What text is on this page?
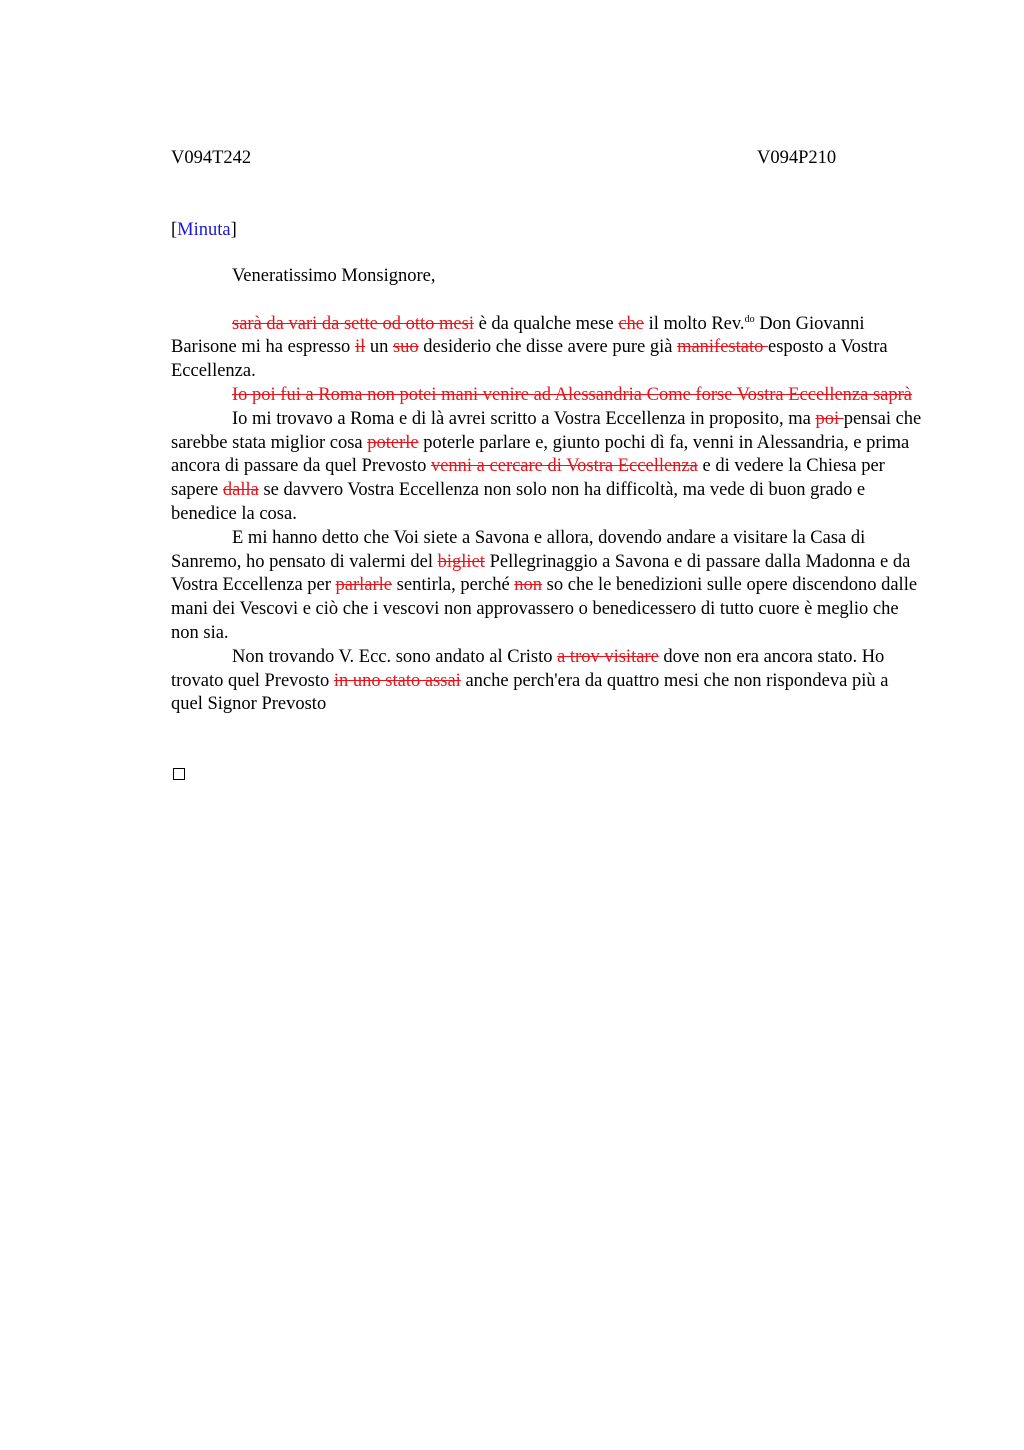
V094T242	V094P210
[Minuta]

Veneratissimo Monsignore,

sarà da vari da sette od otto mesi è da qualche mese che il molto Rev.$^{do}$ Don Giovanni Barisone mi ha espresso il un suo desiderio che disse avere pure già manifestato esposto a Vostra Eccellenza.

Io poi fui a Roma non potei mani venire ad Alessandria Come forse Vostra Eccellenza saprà

Io mi trovavo a Roma e di là avrei scritto a Vostra Eccellenza in proposito, ma poi pensai che sarebbe stata miglior cosa poterle poterle parlare e, giunto pochi dì fa, venni in Alessandria, e prima ancora di passare da quel Prevosto venni a cercare di Vostra Eccellenza e di vedere la Chiesa per sapere dalla se davvero Vostra Eccellenza non solo non ha difficoltà, ma vede di buon grado e benedice la cosa.

E mi hanno detto che Voi siete a Savona e allora, dovendo andare a visitare la Casa di Sanremo, ho pensato di valermi del bigliet Pellegrinaggio a Savona e di passare dalla Madonna e da Vostra Eccellenza per parlarle sentirla, perché non so che le benedizioni sulle opere discendono dalle mani dei Vescovi e ciò che i vescovi non approvassero o benedicessero di tutto cuore è meglio che non sia.

Non trovando V. Ecc. sono andato al Cristo a trov visitare dove non era ancora stato. Ho trovato quel Prevosto in uno stato assai anche perch'era da quattro mesi che non rispondeva più a quel Signor Prevosto
